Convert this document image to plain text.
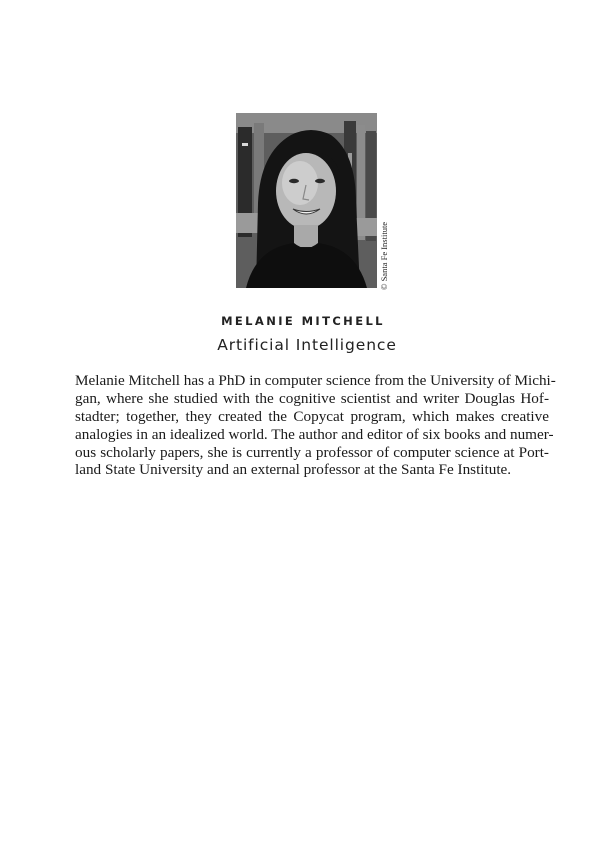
© Santa Fe Institute
MELANIE MITCHELL
Artificial Intelligence
Melanie Mitchell has a PhD in computer science from the University of Michi-
gan, where she studied with the cognitive scientist and writer Douglas Hof-
stadter; together, they created the Copycat program, which makes creative
analogies in an idealized world. The author and editor of six books and numer-
ous scholarly papers, she is currently a professor of computer science at Port-
land State University and an external professor at the Santa Fe Institute.
